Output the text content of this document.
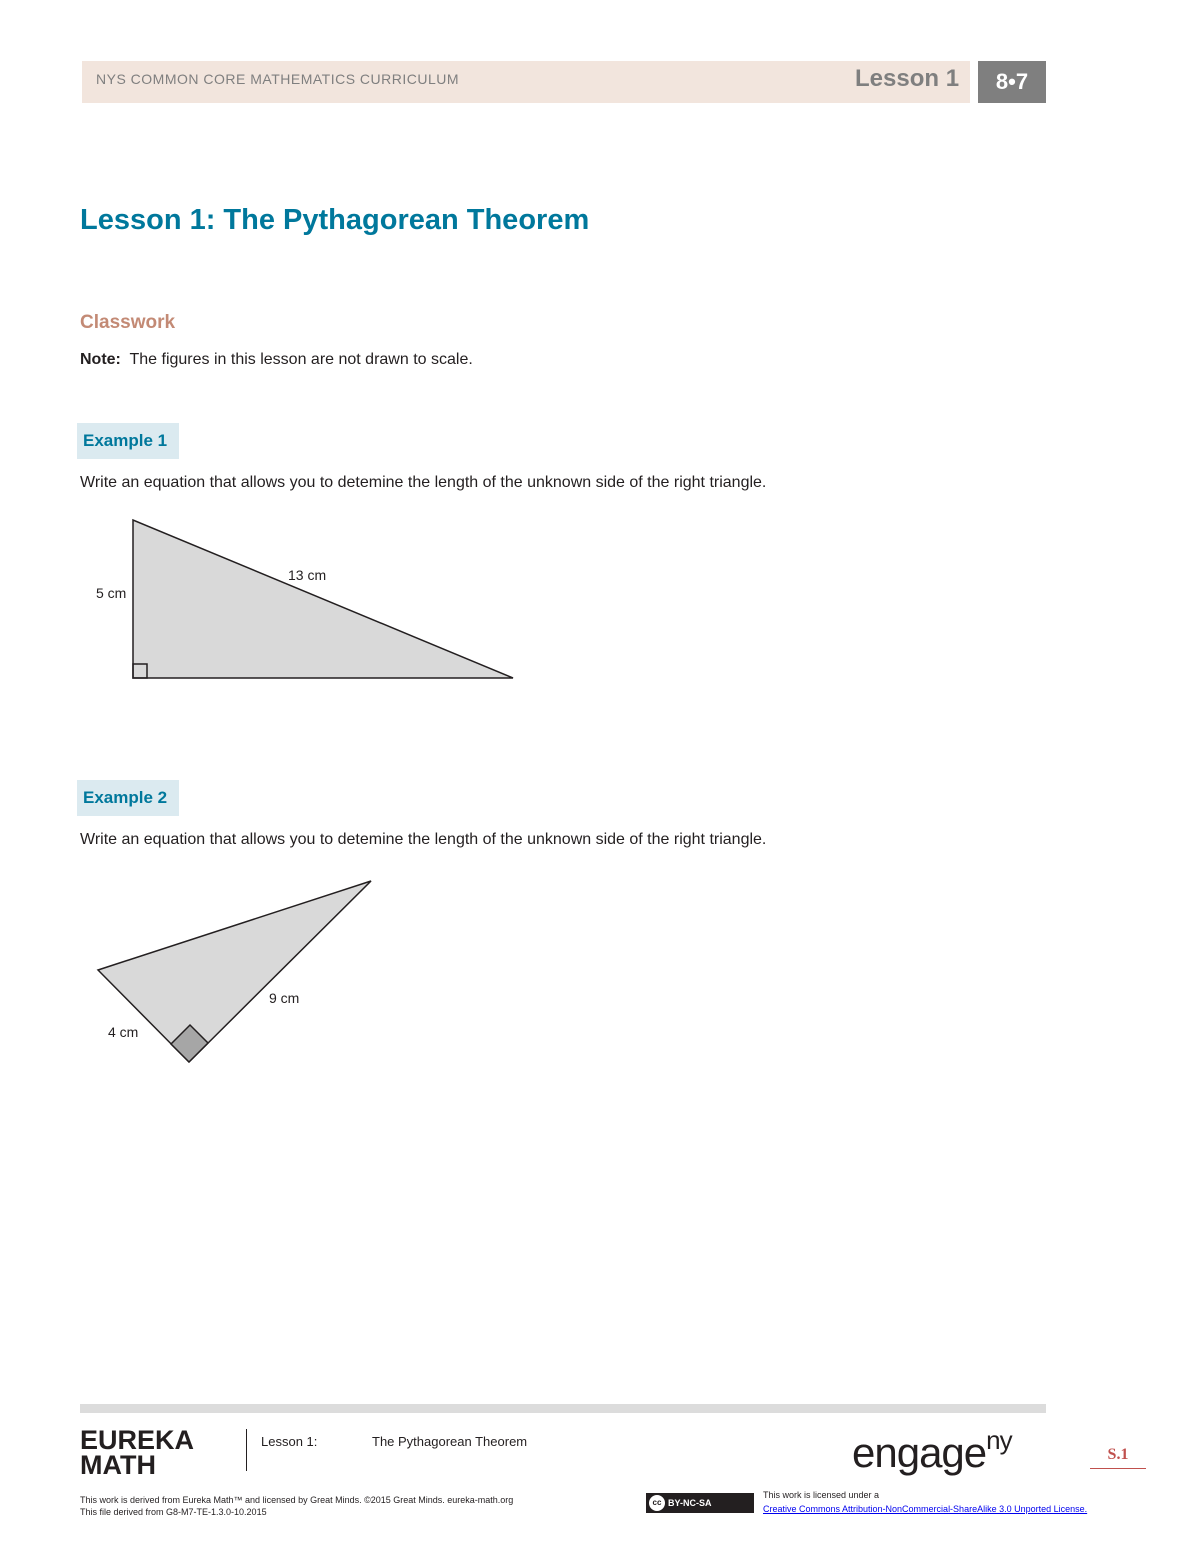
NYS COMMON CORE MATHEMATICS CURRICULUM	Lesson 1	8•7
Lesson 1: The Pythagorean Theorem
Classwork
Note:  The figures in this lesson are not drawn to scale.
Example 1
Write an equation that allows you to detemine the length of the unknown side of the right triangle.
5 cm
13 cm
Example 2
Write an equation that allows you to detemine the length of the unknown side of the right triangle.
4 cm
9 cm
EUREKA
MATH
Lesson 1:	The Pythagorean Theorem	engage$^{ny}$	S.1
This work is derived from Eureka Math™ and licensed by Great Minds. ©2015 Great Minds. eureka-math.org
This file derived from G8-M7-TE-1.3.0-10.2015
cc BY-NC-SA
This work is licensed under a
Creative Commons Attribution-NonCommercial-ShareAlike 3.0 Unported License.
